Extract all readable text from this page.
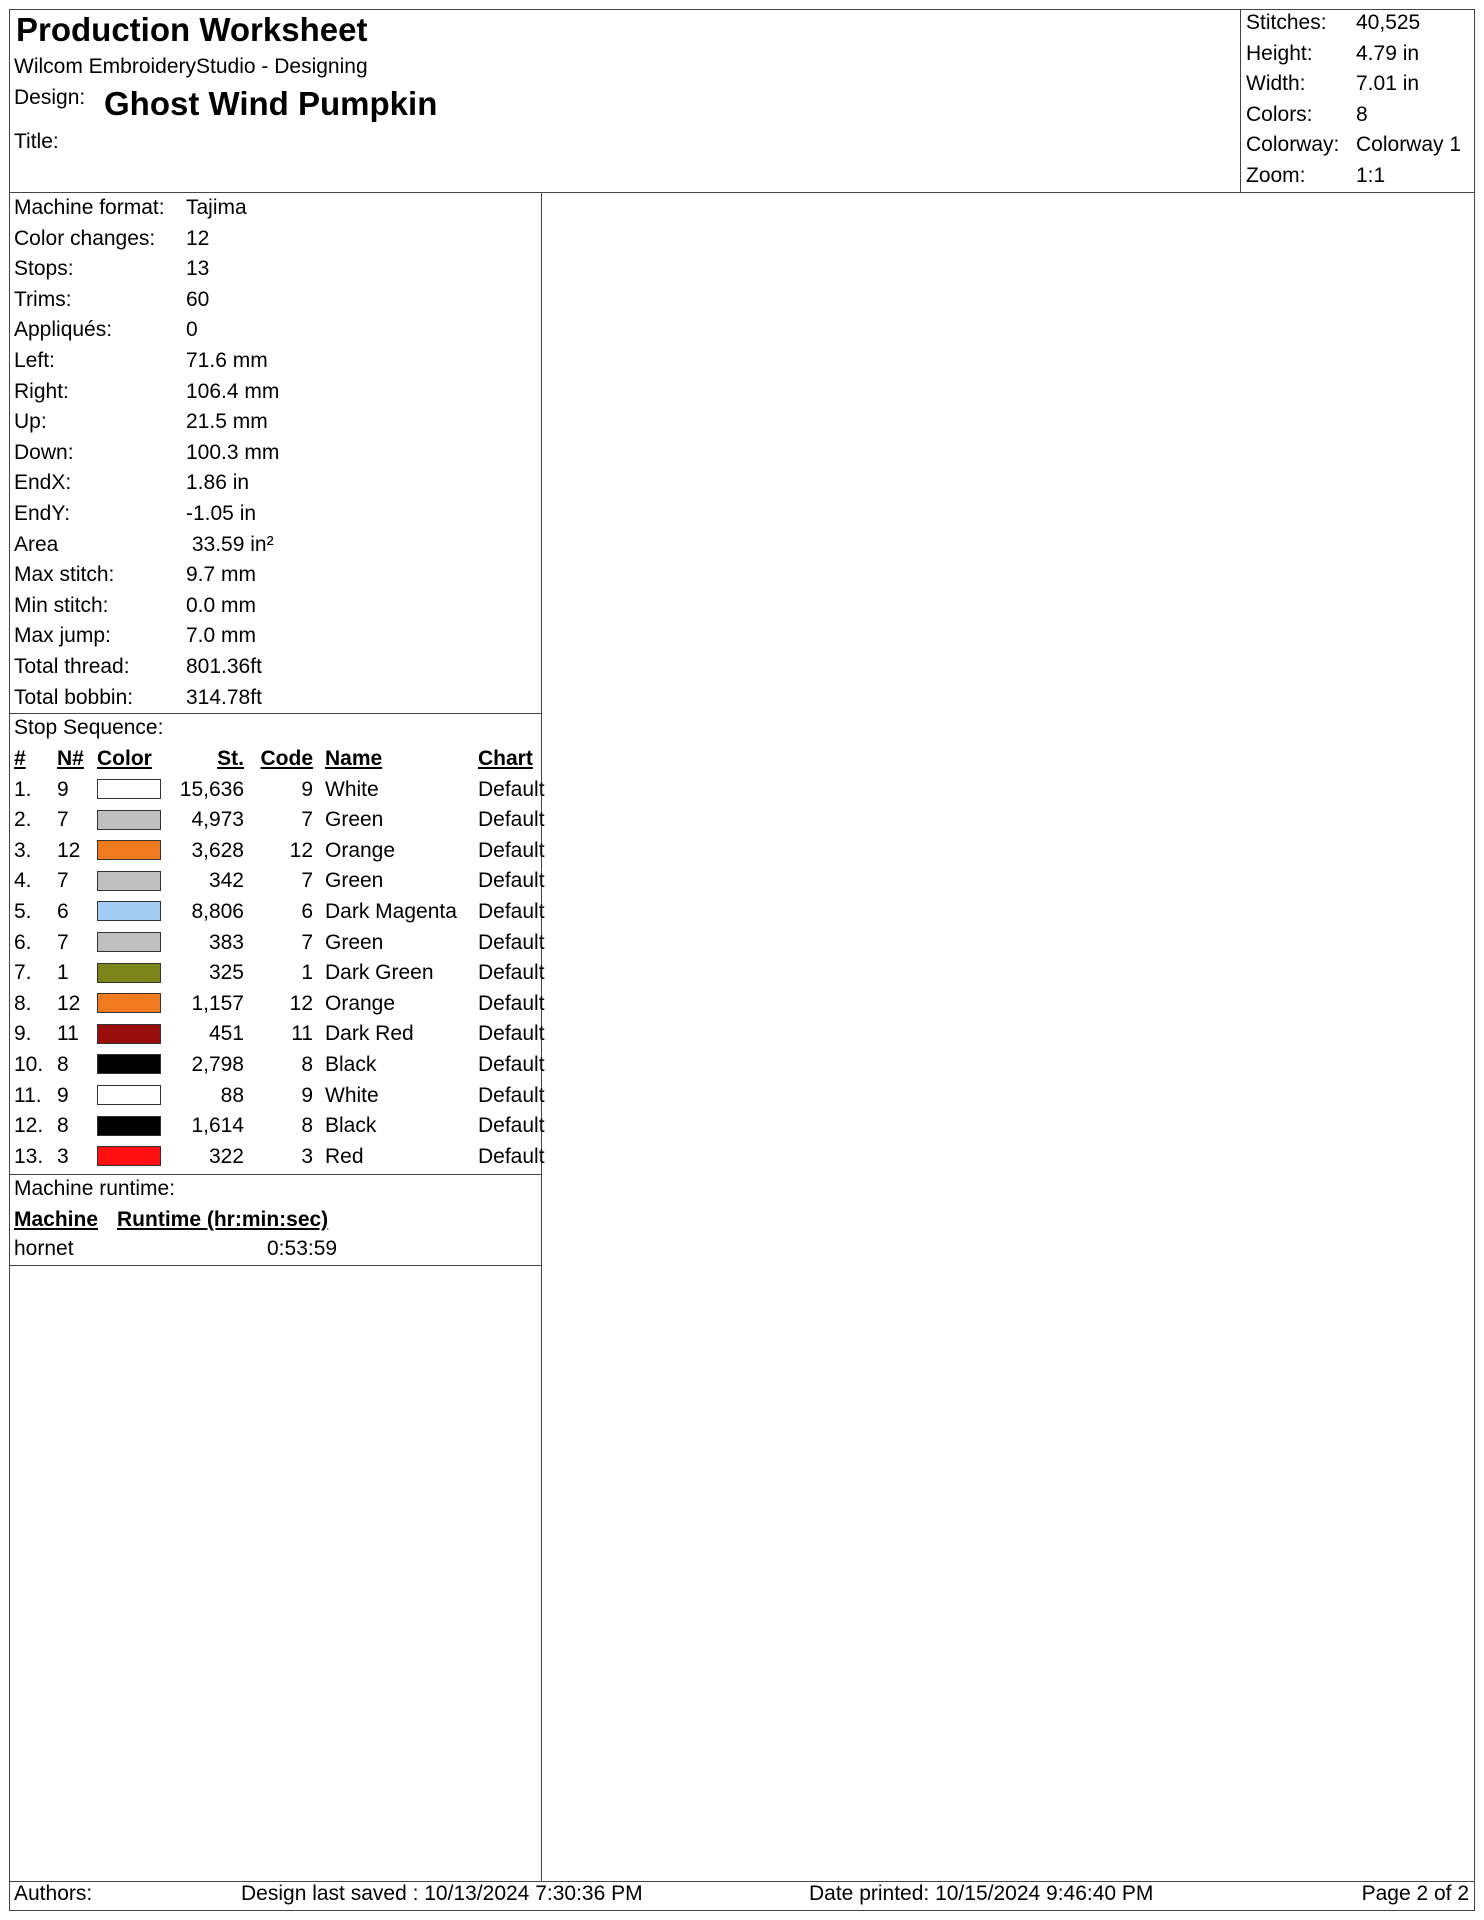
Production Worksheet
Wilcom EmbroideryStudio - Designing
Design: Ghost Wind Pumpkin
Title:
Stitches:	40,525
Height:	4.79 in
Width:	7.01 in
Colors:	8
Colorway: Colorway 1
Zoom:	1:1
Machine format:	Tajima
Color changes:	12
Stops:	13
Trims:	60
Appliqués:	0
Left:	71.6 mm
Right:	106.4 mm
Up:	21.5 mm
Down:	100.3 mm
EndX:	1.86 in
EndY:	-1.05 in
Area	33.59 in²
Max stitch:	9.7 mm
Min stitch:	0.0 mm
Max jump:	7.0 mm
Total thread:	801.36ft
Total bobbin:	314.78ft
Stop Sequence:
#	N#	Color	St.	Code	Name	Chart
1.	9		15,636	9	White	Default
2.	7		4,973	7	Green	Default
3.	12		3,628	12	Orange	Default
4.	7		342	7	Green	Default
5.	6		8,806	6	Dark Magenta	Default
6.	7		383	7	Green	Default
7.	1		325	1	Dark Green	Default
8.	12		1,157	12	Orange	Default
9.	11		451	11	Dark Red	Default
10.	8		2,798	8	Black	Default
11.	9		88	9	White	Default
12.	8		1,614	8	Black	Default
13.	3		322	3	Red	Default
Machine runtime:
Machine Runtime (hr:min:sec)
hornet	0:53:59
Authors:	Design last saved : 10/13/2024 7:30:36 PM	Date printed: 10/15/2024 9:46:40 PM	Page 2 of 2
